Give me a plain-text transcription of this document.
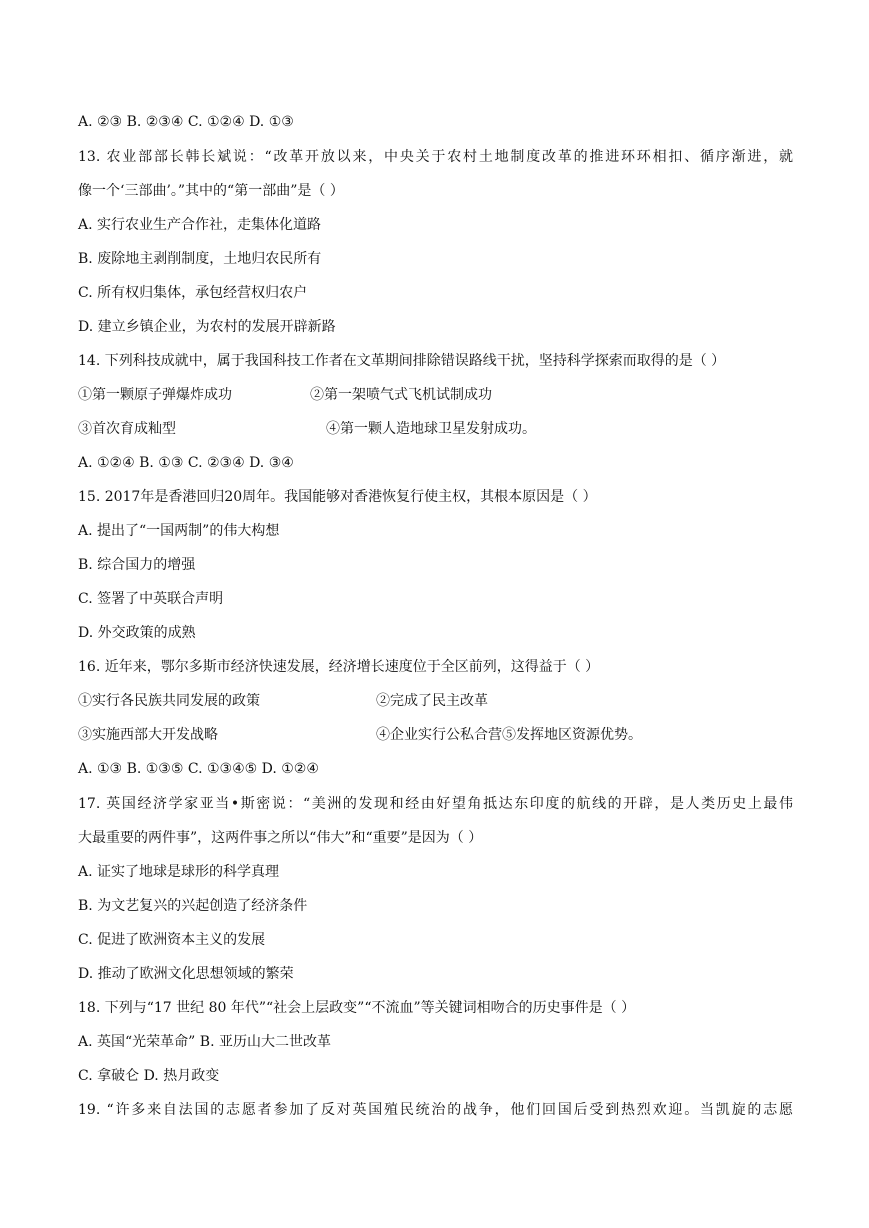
A. ②③ B. ②③④ C. ①②④ D. ①③
13. 农业部部长韩长斌说：“改革开放以来，中央关于农村土地制度改革的推进环环相扣、循序渐进，就
像一个‘三部曲’。”其中的“第一部曲”是（ ）
A. 实行农业生产合作社，走集体化道路
B. 废除地主剥削制度，土地归农民所有
C. 所有权归集体，承包经营权归农户
D. 建立乡镇企业，为农村的发展开辟新路
14. 下列科技成就中，属于我国科技工作者在文革期间排除错误路线干扰，坚持科学探索而取得的是（ ）
①第一颗原子弹爆炸成功	②第一架喷气式飞机试制成功
③首次育成籼型	④第一颗人造地球卫星发射成功。
A. ①②④ B. ①③ C. ②③④ D. ③④
15. 2017年是香港回归20周年。我国能够对香港恢复行使主权，其根本原因是（ ）
A. 提出了“一国两制”的伟大构想
B. 综合国力的增强
C. 签署了中英联合声明
D. 外交政策的成熟
16. 近年来，鄂尔多斯市经济快速发展，经济增长速度位于全区前列，这得益于（ ）
①实行各民族共同发展的政策	②完成了民主改革
③实施西部大开发战略	④企业实行公私合营⑤发挥地区资源优势。
A. ①③ B. ①③⑤ C. ①③④⑤ D. ①②④
17. 英国经济学家亚当•斯密说：“美洲的发现和经由好望角抵达东印度的航线的开辟，是人类历史上最伟
大最重要的两件事”，这两件事之所以“伟大”和“重要”是因为（ ）
A. 证实了地球是球形的科学真理
B. 为文艺复兴的兴起创造了经济条件
C. 促进了欧洲资本主义的发展
D. 推动了欧洲文化思想领域的繁荣
18. 下列与“17 世纪 80 年代”“社会上层政变”“不流血”等关键词相吻合的历史事件是（ ）
A. 英国“光荣革命” B. 亚历山大二世改革
C. 拿破仑 D. 热月政变
19. “许多来自法国的志愿者参加了反对英国殖民统治的战争，他们回国后受到热烈欢迎。当凯旋的志愿
